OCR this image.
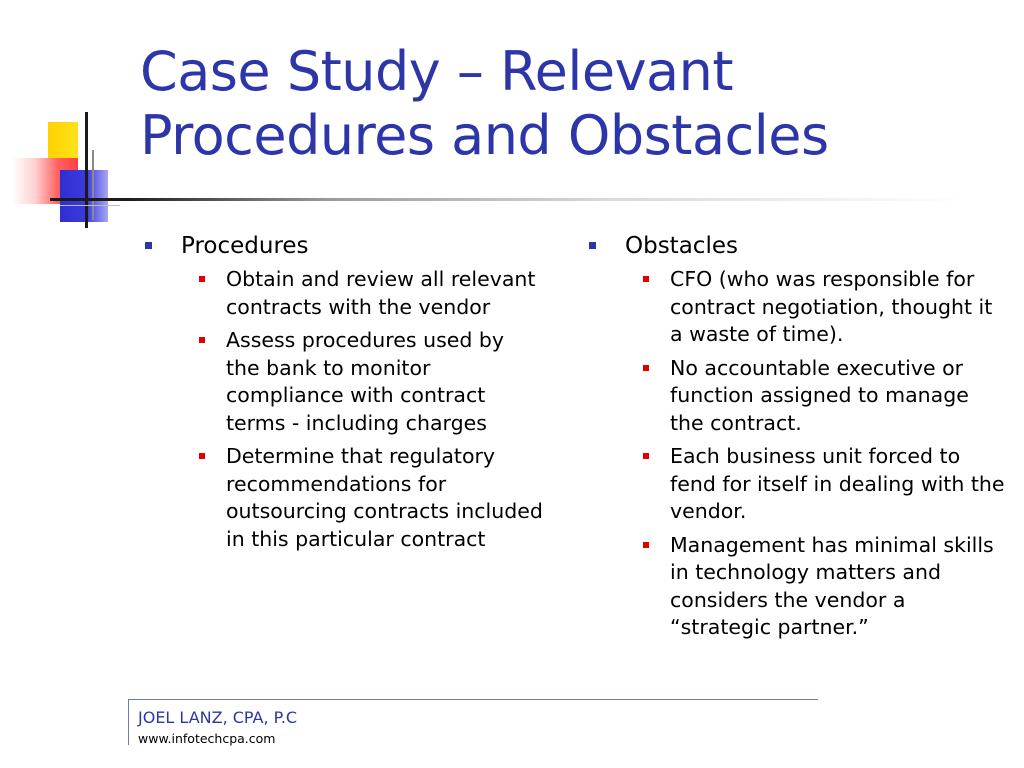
Case Study – Relevant
Procedures and Obstacles
Procedures
Obtain and review all relevant contracts with the vendor
Assess procedures used by the bank to monitor compliance with contract terms - including charges
Determine that regulatory recommendations for outsourcing contracts included in this particular contract
Obstacles
CFO (who was responsible for contract negotiation, thought it a waste of time).
No accountable executive or function assigned to manage the contract.
Each business unit forced to fend for itself in dealing with the vendor.
Management has minimal skills in technology matters and considers the vendor a “strategic partner.”
JOEL LANZ, CPA, P.C
www.infotechcpa.com
